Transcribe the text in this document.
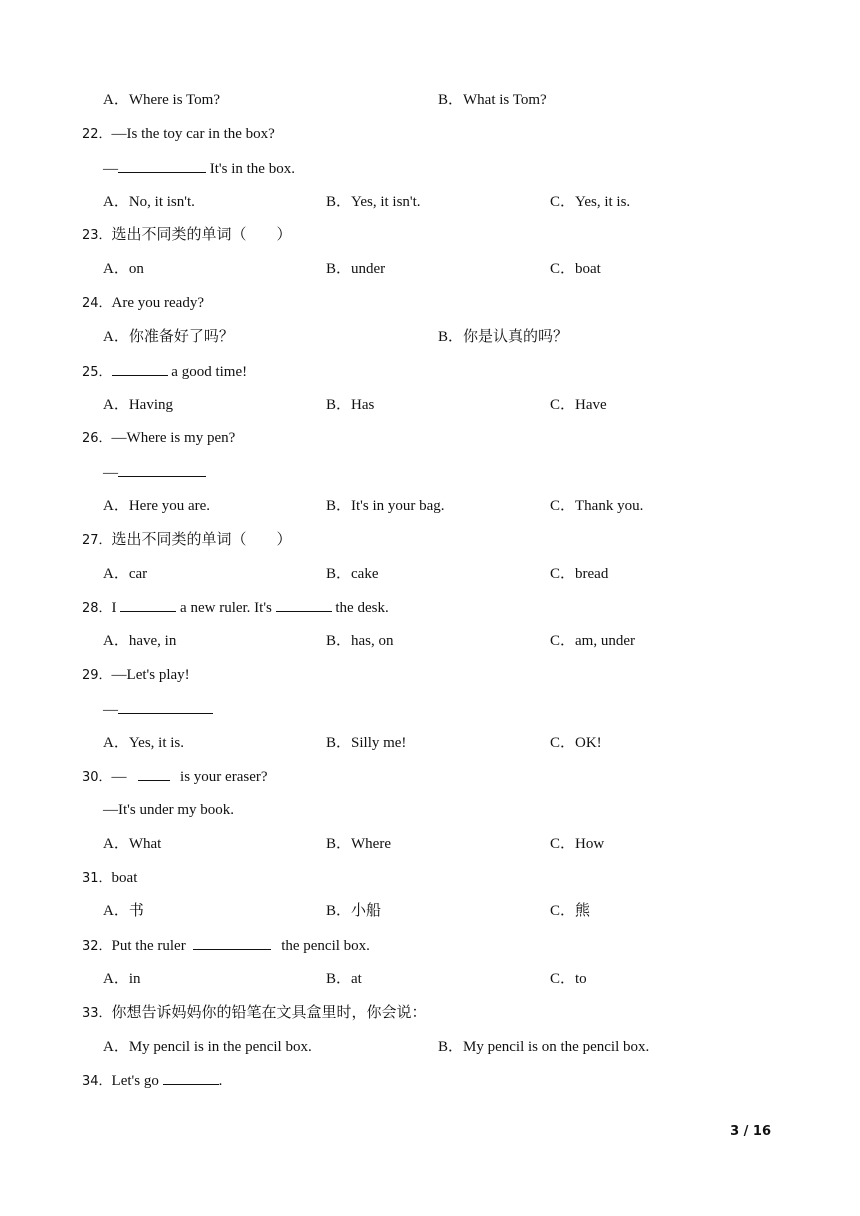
A．Where is Tom?	B．What is Tom?
22．—Is the toy car in the box?
—	It's in the box.
A．No, it isn't.	B．Yes, it isn't.	C．Yes, it is.
23．选出不同类的单词（　　）
A．on	B．under	C．boat
24．Are you ready?
A．你准备好了吗？	B．你是认真的吗？
25．	a good time!
A．Having	B．Has	C．Have
26．—Where is my pen?
—
A．Here you are.	B．It's in your bag.	C．Thank you.
27．选出不同类的单词（　　）
A．car	B．cake	C．bread
28．I	a new ruler. It's	the desk.
A．have, in	B．has, on	C．am, under
29．—Let's play!
—
A．Yes, it is.	B．Silly me!	C．OK!
30．—	is your eraser?
—It's under my book.
A．What	B．Where	C．How
31．boat
A．书	B．小船	C．熊
32．Put the ruler	the pencil box.
A．in	B．at	C．to
33．你想告诉妈妈你的铅笔在文具盒里时，你会说：
A．My pencil is in the pencil box.	B．My pencil is on the pencil box.
34．Let's go	.
3 / 16
